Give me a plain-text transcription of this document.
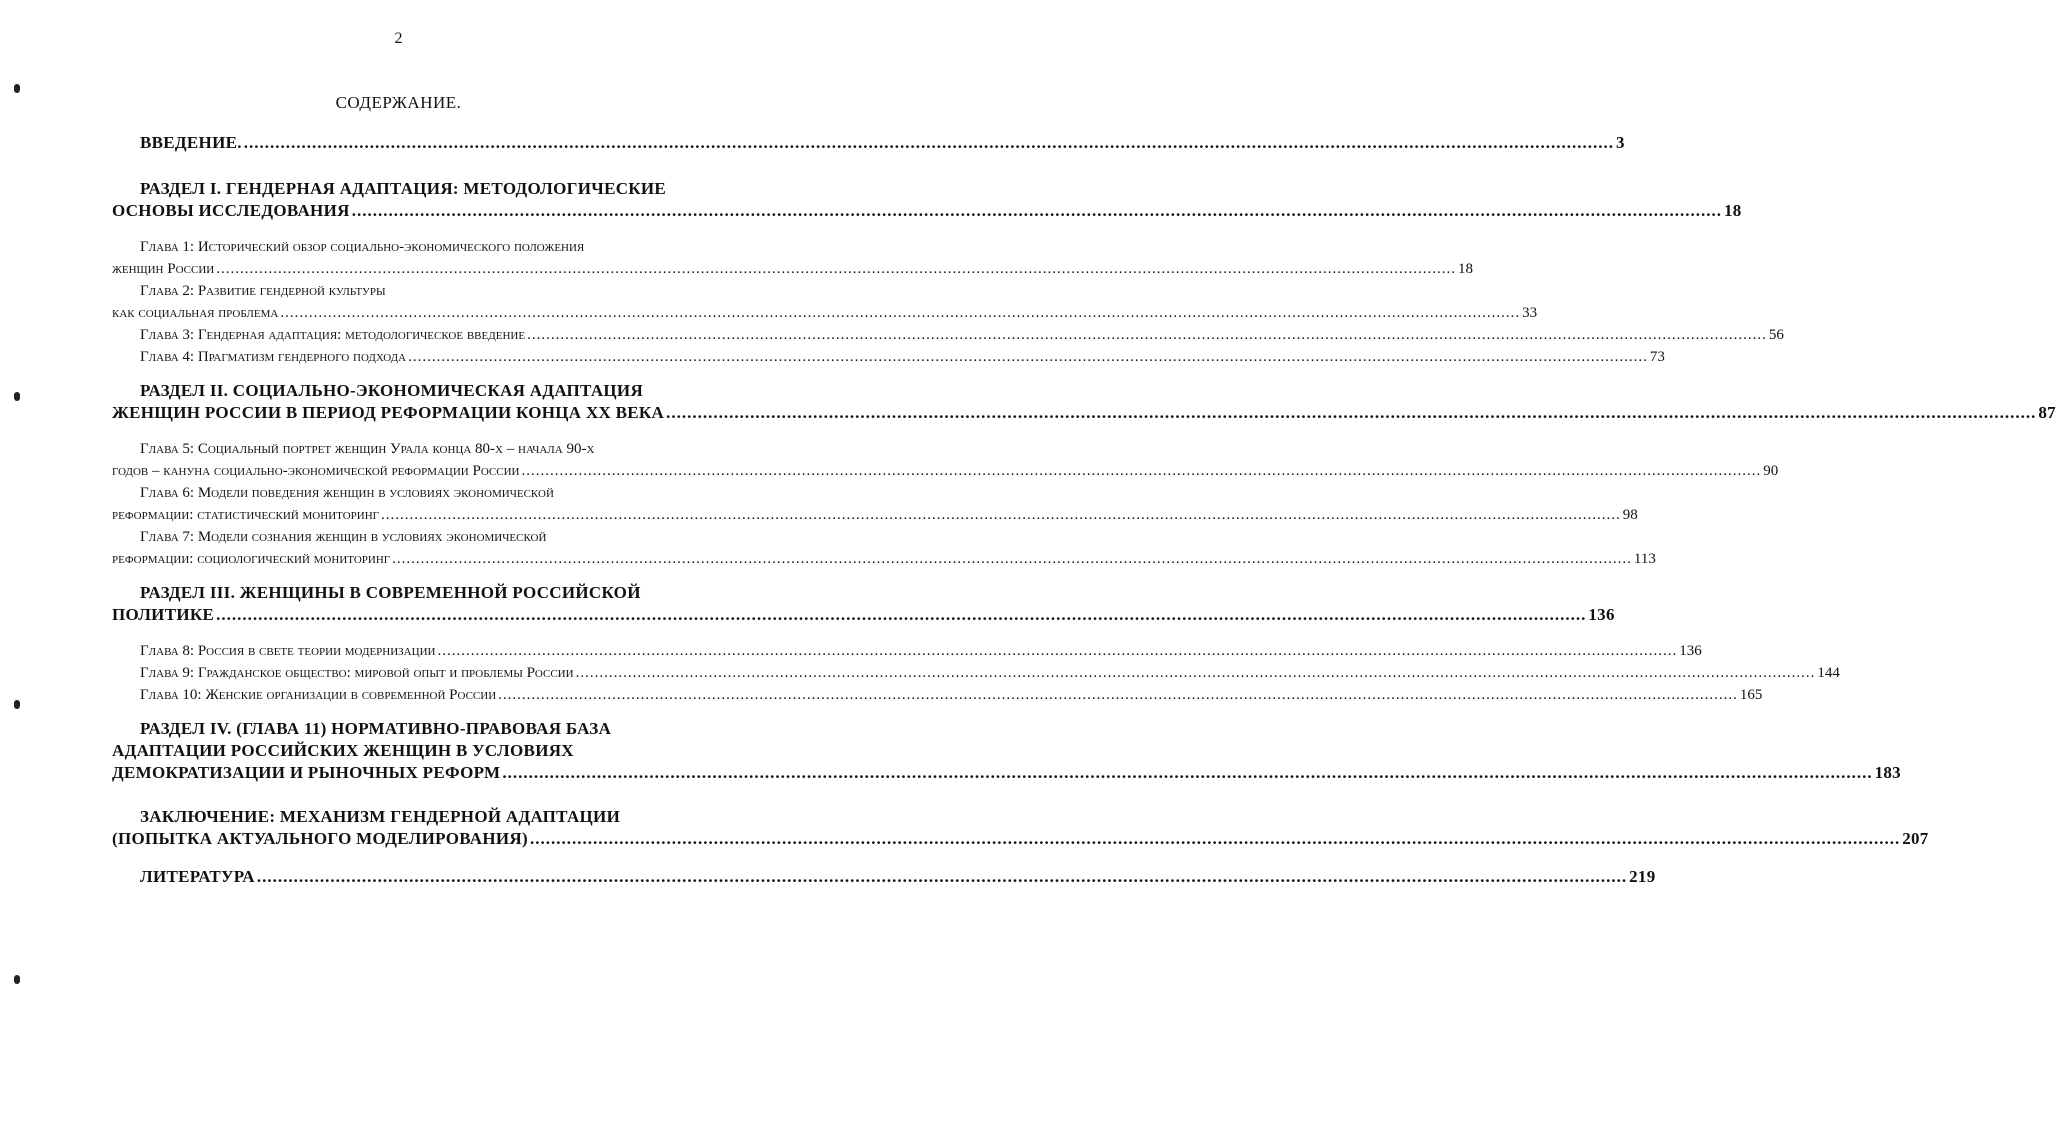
2
СОДЕРЖАНИЕ.
ВВЕДЕНИЕ. .....	3
РАЗДЕЛ I. ГЕНДЕРНАЯ АДАПТАЦИЯ: МЕТОДОЛОГИЧЕСКИЕ
ОСНОВЫ ИССЛЕДОВАНИЯ .....	18
Глава 1: Исторический обзор социально-экономического положения
женщин России .....	18
Глава 2: Развитие гендерной культуры
как социальная проблема .....	33
Глава 3: Гендерная адаптация: методологическое введение .....	56
Глава 4: Прагматизм гендерного подхода .....	73
РАЗДЕЛ II. СОЦИАЛЬНО-ЭКОНОМИЧЕСКАЯ АДАПТАЦИЯ
ЖЕНЩИН РОССИИ В ПЕРИОД РЕФОРМАЦИИ КОНЦА ХХ ВЕКА .....	87
Глава 5: Социальный портрет женщин Урала конца 80-х – начала 90-х
годов – кануна социально-экономической реформации России .....	90
Глава 6: Модели поведения женщин в условиях экономической
реформации: статистический мониторинг .....	98
Глава 7: Модели сознания женщин в условиях экономической
реформации: социологический мониторинг .....	113
РАЗДЕЛ III. ЖЕНЩИНЫ В СОВРЕМЕННОЙ РОССИЙСКОЙ
ПОЛИТИКЕ .....	136
Глава 8: Россия в свете теории модернизации .....	136
Глава 9: Гражданское общество: мировой опыт и проблемы России .....	144
Глава 10: Женские организации в современной России .....	165
РАЗДЕЛ IV. (ГЛАВА 11) НОРМАТИВНО-ПРАВОВАЯ БАЗА
АДАПТАЦИИ РОССИЙСКИХ ЖЕНЩИН В УСЛОВИЯХ
ДЕМОКРАТИЗАЦИИ И РЫНОЧНЫХ РЕФОРМ .....	183
ЗАКЛЮЧЕНИЕ: МЕХАНИЗМ ГЕНДЕРНОЙ АДАПТАЦИИ
(ПОПЫТКА АКТУАЛЬНОГО МОДЕЛИРОВАНИЯ) .....	207
ЛИТЕРАТУРА .....	219
